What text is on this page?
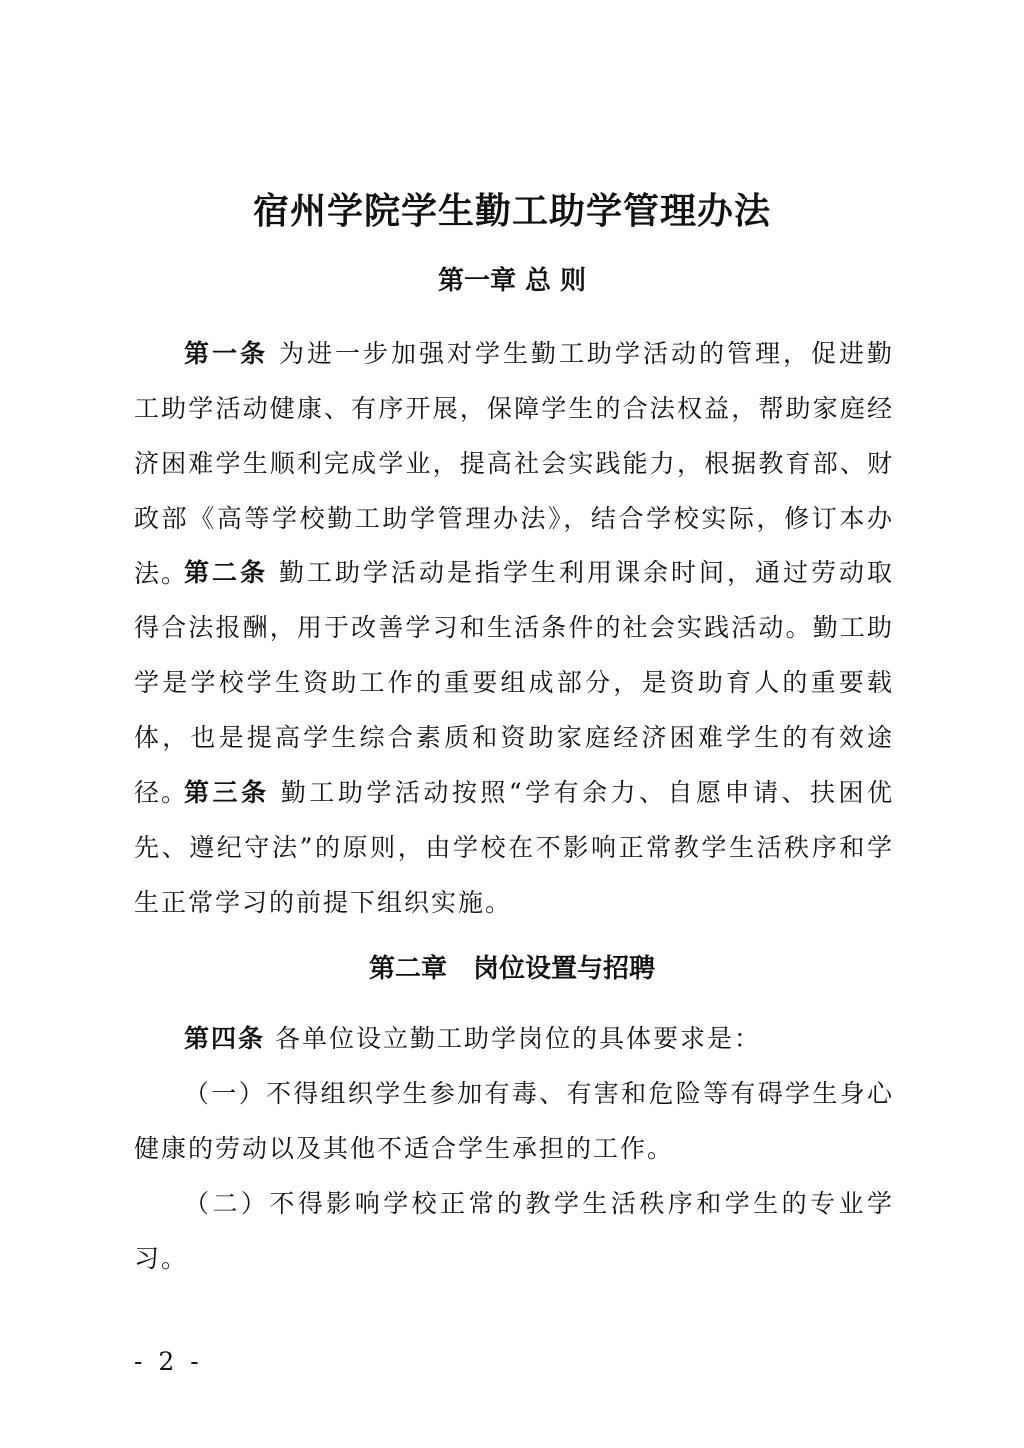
宿州学院学生勤工助学管理办法
第一章 总 则

第一条 为进一步加强对学生勤工助学活动的管理，促进勤工助学活动健康、有序开展，保障学生的合法权益，帮助家庭经济困难学生顺利完成学业，提高社会实践能力，根据教育部、财政部《高等学校勤工助学管理办法》，结合学校实际，修订本办法。

第二条 勤工助学活动是指学生利用课余时间，通过劳动取得合法报酬，用于改善学习和生活条件的社会实践活动。勤工助学是学校学生资助工作的重要组成部分，是资助育人的重要载体，也是提高学生综合素质和资助家庭经济困难学生的有效途径。

第三条 勤工助学活动按照“学有余力、自愿申请、扶困优先、遵纪守法”的原则，由学校在不影响正常教学生活秩序和学生正常学习的前提下组织实施。

第二章　岗位设置与招聘

第四条 各单位设立勤工助学岗位的具体要求是：

（一）不得组织学生参加有毒、有害和危险等有碍学生身心健康的劳动以及其他不适合学生承担的工作。

（二）不得影响学校正常的教学生活秩序和学生的专业学习。

- 2 -
